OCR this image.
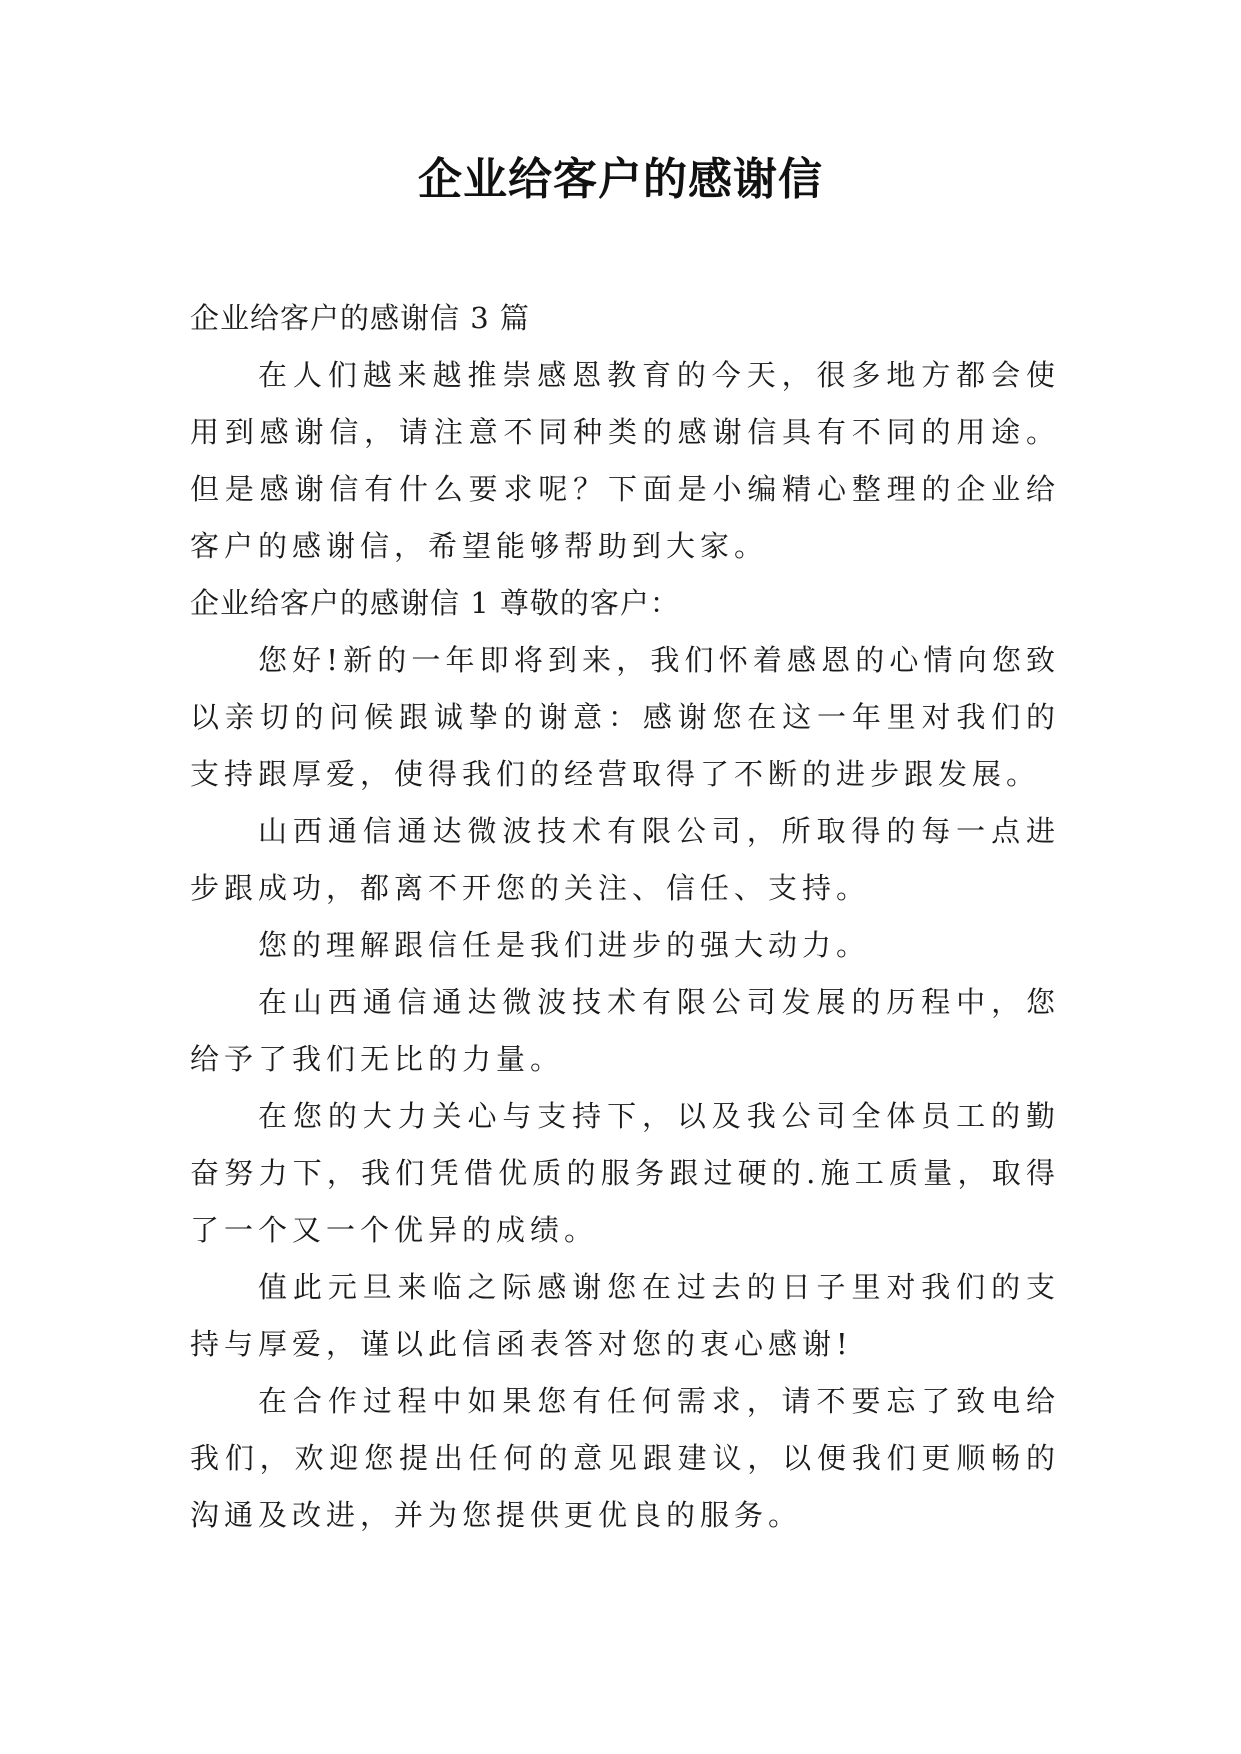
企业给客户的感谢信

企业给客户的感谢信 3 篇

在人们越来越推崇感恩教育的今天，很多地方都会使用到感谢信，请注意不同种类的感谢信具有不同的用途。但是感谢信有什么要求呢？下面是小编精心整理的企业给客户的感谢信，希望能够帮助到大家。

企业给客户的感谢信 1 尊敬的客户：

您好!新的一年即将到来，我们怀着感恩的心情向您致以亲切的问候跟诚挚的谢意：感谢您在这一年里对我们的支持跟厚爱，使得我们的经营取得了不断的进步跟发展。

山西通信通达微波技术有限公司，所取得的每一点进步跟成功，都离不开您的关注、信任、支持。

您的理解跟信任是我们进步的强大动力。

在山西通信通达微波技术有限公司发展的历程中，您给予了我们无比的力量。

在您的大力关心与支持下，以及我公司全体员工的勤奋努力下，我们凭借优质的服务跟过硬的.施工质量，取得了一个又一个优异的成绩。

值此元旦来临之际感谢您在过去的日子里对我们的支持与厚爱，谨以此信函表答对您的衷心感谢!

在合作过程中如果您有任何需求，请不要忘了致电给我们，欢迎您提出任何的意见跟建议，以便我们更顺畅的沟通及改进，并为您提供更优良的服务。
